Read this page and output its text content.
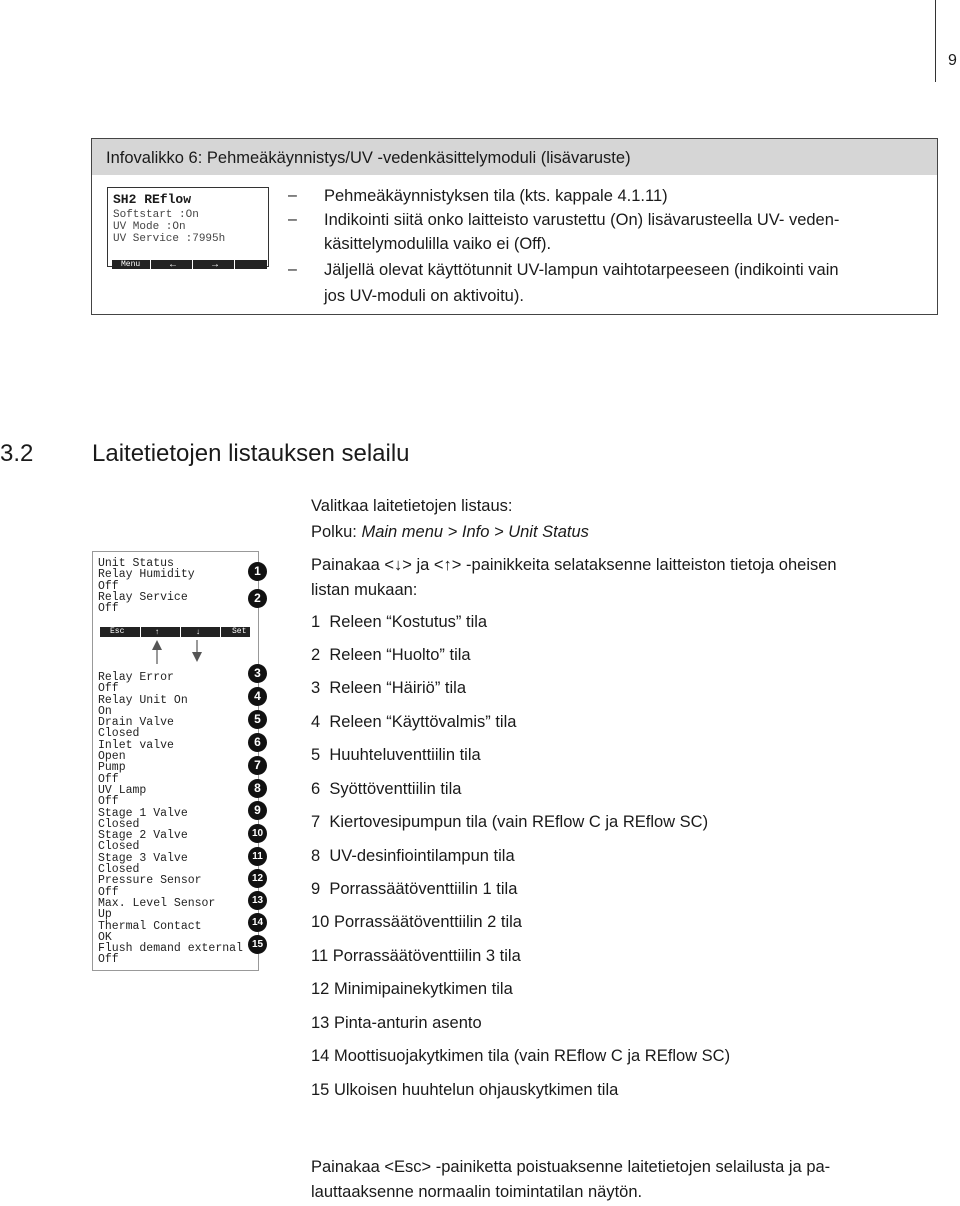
9
Infovalikko 6: Pehmeäkäynnistys/UV -vedenkäsittelymoduli (lisävaruste)
SH2 REflow
Softstart :On
UV Mode :On
UV Service :7995h
Menu	←	→
– Pehmeäkäynnistyksen tila (kts. kappale 4.1.11)
– Indikointi siitä onko laitteisto varustettu (On) lisävarusteella UV- veden-
käsittelymodulilla vaiko ei (Off).
– Jäljellä olevat käyttötunnit UV-lampun vaihtotarpeeseen (indikointi vain
jos UV-moduli on aktivoitu).
3.2 Laitetietojen listauksen selailu
Unit Status
Relay Humidity
Off
Relay Service
Off
Esc	↑	↓	Set
Relay Error
Off
Relay Unit On
On
Drain Valve
Closed
Inlet valve
Open
Pump
Off
UV Lamp
Off
Stage 1 Valve
Closed
Stage 2 Valve
Closed
Stage 3 Valve
Closed
Pressure Sensor
Off
Max. Level Sensor
Up
Thermal Contact
OK
Flush demand external
Off
1
2
3
4
5
6
7
8
9
10
11
12
13
14
15
Valitkaa laitetietojen listaus:
Polku: Main menu > Info > Unit Status
Painakaa <↓> ja <↑> -painikkeita selataksenne laitteiston tietoja oheisen
listan mukaan:
1 Releen “Kostutus” tila
2 Releen “Huolto” tila
3 Releen “Häiriö” tila
4 Releen “Käyttövalmis” tila
5 Huuhteluventtiilin tila
6 Syöttöventtiilin tila
7 Kiertovesipumpun tila (vain REflow C ja REflow SC)
8 UV-desinfiointilampun tila
9 Porrassäätöventtiilin 1 tila
10 Porrassäätöventtiilin 2 tila
11 Porrassäätöventtiilin 3 tila
12 Minimipainekytkimen tila
13 Pinta-anturin asento
14 Moottisuojakytkimen tila (vain REflow C ja REflow SC)
15 Ulkoisen huuhtelun ohjauskytkimen tila
Painakaa <Esc> -painiketta poistuaksenne laitetietojen selailusta ja pa-
lauttaaksenne normaalin toimintatilan näytön.
